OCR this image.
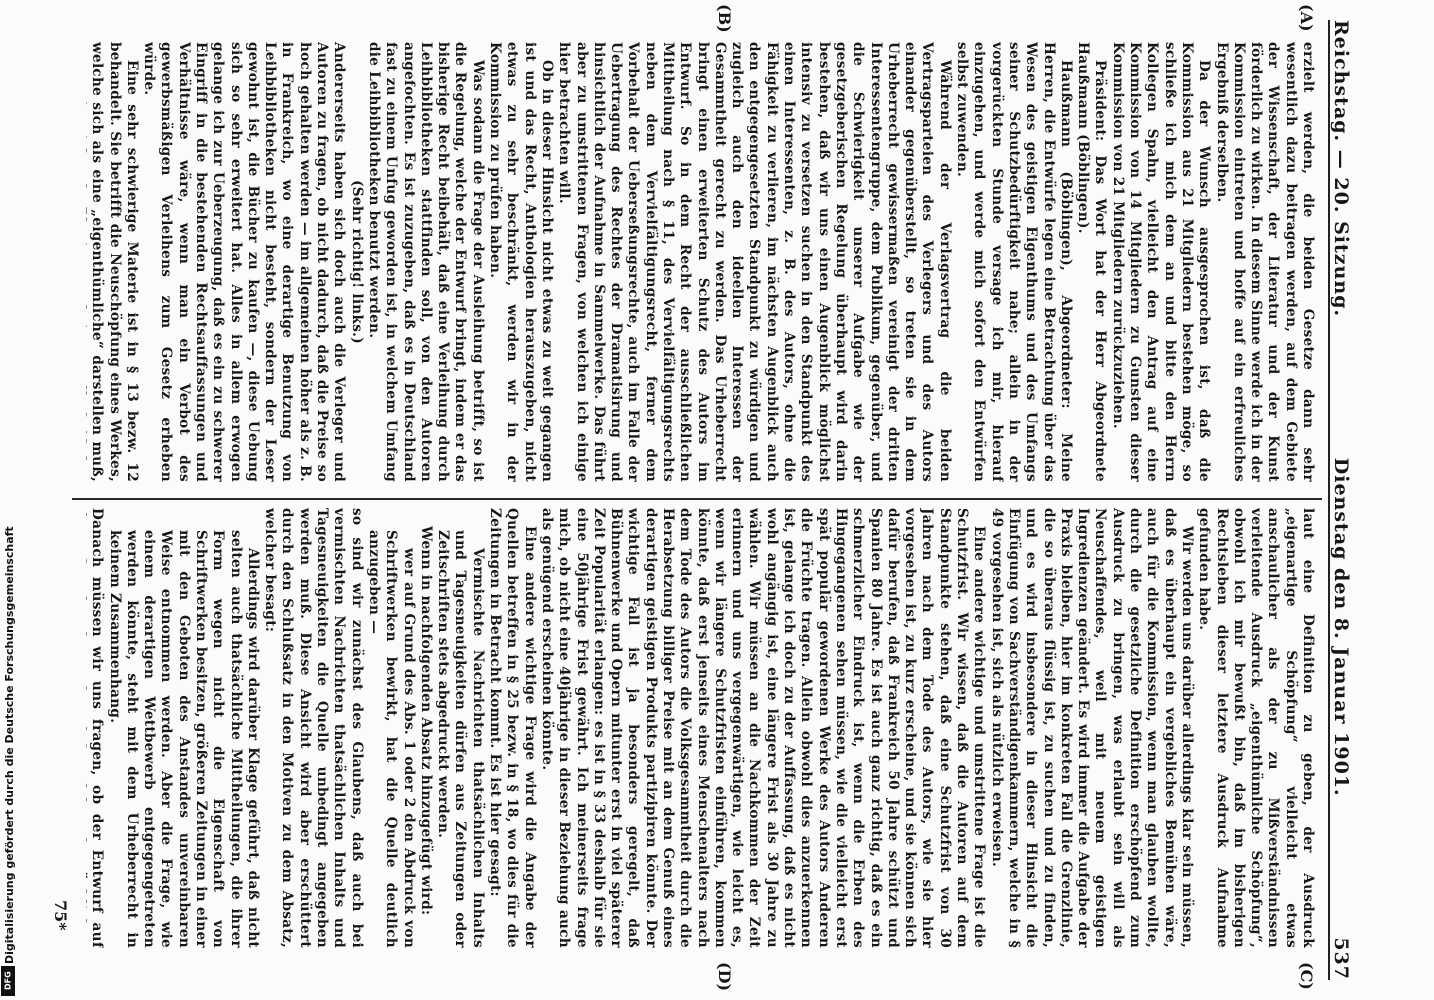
Reichstag. — 20. Sitzung.
Dienstag den 8. Januar 1901.
537
(A)
(B)
(C)
(D)

erzielt werden, die beiden Gesetze dann sehr wesentlich dazu beitragen werden, auf dem Gebiete der Wissenschaft, der Literatur und der Kunst förderlich zu wirken. In diesem Sinne werde ich in der Kommission eintreten und hoffe auf ein erfreuliches Ergebniß derselben.

Da der Wunsch ausgesprochen ist, daß die Kommission aus 21 Mitgliedern bestehen möge, so schließe ich mich dem an und bitte den Herrn Kollegen Spahn, vielleicht den Antrag auf eine Kommission von 14 Mitgliedern zu Gunsten dieser Kommission von 21 Mitgliedern zurückzuziehen.

Präsident: Das Wort hat der Herr Abgeordnete Haußmann (Böblingen).

Haußmann (Böblingen), Abgeordneter: Meine Herren, die Entwürfe legen eine Betrachtung über das Wesen des geistigen Eigenthums und des Umfangs seiner Schutzbedürftigkeit nahe; allein in der vorgerückten Stunde versage ich mir, hierauf einzugehen, und werde mich sofort den Entwürfen selbst zuwenden.

Während der Verlagsvertrag die beiden Vertragsparteien des Verlegers und des Autors einander gegenüberstellt, so treten sie in dem Urheberrecht gewissermaßen vereinigt der dritten Interessentengruppe, dem Publikum, gegenüber, und die Schwierigkeit unserer Aufgabe wie der gesetzgeberischen Regelung überhaupt wird darin bestehen, daß wir uns einen Augenblick möglichst intensiv zu versetzen suchen in den Standpunkt des einen Interessenten, z. B. des Autors, ohne die Fähigkeit zu verlieren, im nächsten Augenblick auch den entgegengesetzten Standpunkt zu würdigen und zugleich auch den ideellen Interessen der Gesammtheit gerecht zu werden. Das Urheberrecht bringt einen erweiterten Schutz des Autors im Entwurf. So in dem Recht der ausschließlichen Mittheilung nach § 11, des Vervielfältigungsrechts neben dem Vervielfältigungsrecht, ferner dem Vorbehalt der Ueberseßungsrechte, auch im Falle der Uebertragung des Rechtes der Dramatisirung und hinsichtlich der Aufnahme in Sammelwerke. Das führt aber zu umstrittenen Fragen, von welchen ich einige hier betrachten will.

Ob in dieser Hinsicht nicht etwas zu weit gegangen ist und das Recht, Anthologien herauszugeben, nicht etwas zu sehr beschränkt, werden wir in der Kommission zu prüfen haben.

Was sodann die Frage der Ausleihung betrifft, so ist die Regelung, welche der Entwurf bringt, indem er das bisherige Recht beibehält, daß eine Verleihung durch Leihbibliotheken stattfinden soll, von den Autoren angefochten. Es ist zuzugeben, daß es in Deutschland fast zu einem Unfug geworden ist, in welchem Umfang die Leihbibliotheken benutzt werden.

(Sehr richtig! links.)

Andererseits haben sich doch auch die Verleger und Autoren zu fragen, ob nicht dadurch, daß die Preise so hoch gehalten werden — im allgemeinen höher als z. B. in Frankreich, wo eine derartige Benutzung von Leihbibliotheken nicht besteht, sondern der Leser gewohnt ist, die Bücher zu kaufen —, diese Uebung sich so sehr erweitert hat. Alles in allem erwogen gelange ich zur Ueberzeugung, daß es ein zu schwerer Eingriff in die bestehenden Rechtsauffassungen und Verhältnisse wäre, wenn man ein Verbot des gewerbsmäßigen Verleihens zum Gesetz erheben würde.

Eine sehr schwierige Materie ist in § 13 bezw. 12 behandelt. Sie betrifft die Neuschöpfung eines Werkes, welche sich als eine „eigenthümliche“ darstellen muß,

laut eine Definition zu geben, der Ausdruck „eigenartige Schöpfung“ vielleicht etwas anschaulicher als der zu Mißverständnissen verleitende Ausdruck „eigenthümliche Schöpfung“, obwohl ich mir bewußt bin, daß im bisherigen Rechtsleben dieser letztere Ausdruck Aufnahme gefunden habe.

Wir werden uns darüber allerdings klar sein müssen, daß es überhaupt ein vergebliches Bemühen wäre, auch für die Kommission, wenn man glauben wollte, durch die gesetzliche Definition erschöpfend zum Ausdruck zu bringen, was erlaubt sein will als Neuschaffendes, weil mit neuem geistigen Ingredienzen geändert. Es wird immer die Aufgabe der Praxis bleiben, hier im konkreten Fall die Grenzlinie, die so überaus flüssig ist, zu suchen und zu finden, und es wird insbesondere in dieser Hinsicht die Einfügung von Sachverständigenkammern, welche in § 49 vorgesehen ist, sich als nützlich erweisen.

Eine andere wichtige und umstrittene Frage ist die Schutzfrist. Wir wissen, daß die Autoren auf dem Standpunkte stehen, daß eine Schutzfrist von 30 Jahren nach dem Tode des Autors, wie sie hier vorgesehen ist, zu kurz erscheine, und sie können sich dafür berufen, daß Frankreich 50 Jahre schützt und Spanien 80 Jahre. Es ist auch ganz richtig, daß es ein schmerzlicher Eindruck ist, wenn die Erben des Hingegangenen sehen müssen, wie die vielleicht erst spät populär gewordenen Werke des Autors Anderen die Früchte tragen. Allein obwohl dies anzuerkennen ist, gelange ich doch zu der Auffassung, daß es nicht wohl angängig ist, eine längere Frist als 30 Jahre zu wählen. Wir müssen an die Nachkommen der Zeit erinnern und uns vergegenwärtigen, wie leicht es, wenn wir längere Schutzfristen einführen, kommen könnte, daß erst jenseits eines Menschenalters nach dem Tode des Autors die Volksgesammtheit durch die Herabsetzung billiger Preise mit an dem Genuß eines derartigen geistigen Produkts partizipiren könnte. Der wichtige Fall ist ja besonders geregelt, daß Bühnenwerke und Opern mitunter erst in viel späterer Zeit Popularität erlangen: es ist in § 33 deshalb für sie eine 50jährige Frist gewährt. Ich meinerseits frage mich, ob nicht eine 40jährige in dieser Beziehung auch als genügend erscheinen könnte.

Eine andere wichtige Frage wird die Angabe der Quellen betreffen in § 25 bezw. in § 18, wo dies für die Zeitungen in Betracht kommt. Es ist hier gesagt:

Vermischte Nachrichten thatsächlichen Inhalts und Tagesneuigkeiten dürfen aus Zeitungen oder Zeitschriften stets abgedruckt werden.

Wenn in nachfolgenden Absatz hinzugefügt wird:

wer auf Grund des Abs. 1 oder 2 den Abdruck von Schriftwerken bewirkt, hat die Quelle deutlich anzugeben —

so sind wir zunächst des Glaubens, daß auch bei vermischten Nachrichten thatsächlichen Inhalts und Tagesneuigkeiten die Quelle unbedingt angegeben werden muß. Diese Ansicht wird aber erschüttert durch den Schlußsatz in den Motiven zu dem Absatz, welcher besagt:

Allerdings wird darüber Klage geführt, daß nicht selten auch thatsächliche Mittheilungen, die ihrer Form wegen nicht die Eigenschaft von Schriftwerken besitzen, größeren Zeitungen in einer mit den Geboten des Anstandes unvereinbaren Weise entnommen werden. Aber die Frage, wie einem derartigen Wettbewerb entgegengetreten werden könnte, steht mit dem Urheberrecht in keinem Zusammenhang.

Danach müssen wir uns fragen, ob der Entwurf auf

75*
Digitalisierung gefördert durch die Deutsche Forschungsgemeinschaft
DFG
